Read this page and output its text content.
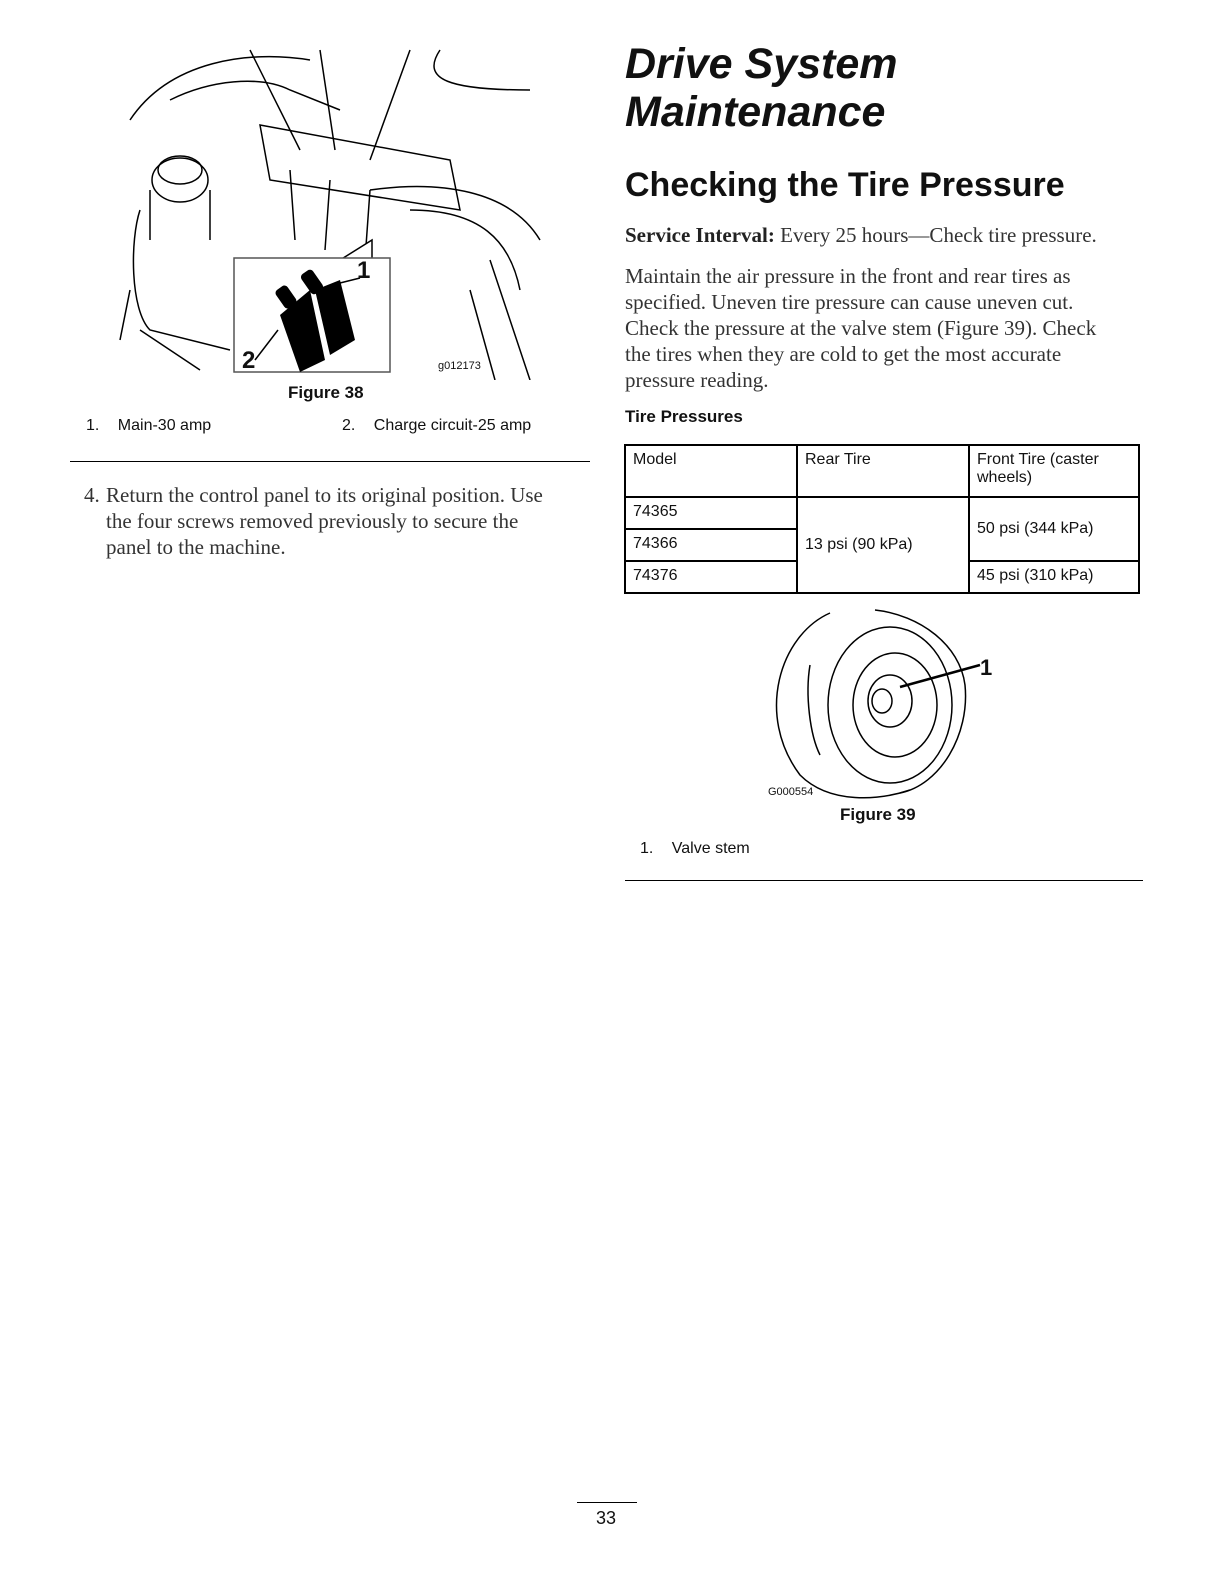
1
2	g012173
Figure 38
1. Main-30 amp	2. Charge circuit-25 amp
4. Return the control panel to its original position. Use
the four screws removed previously to secure the
panel to the machine.
Drive System
Maintenance
Checking the Tire Pressure
Service Interval: Every 25 hours—Check tire pressure.
Maintain the air pressure in the front and rear tires as
specified. Uneven tire pressure can cause uneven cut.
Check the pressure at the valve stem (Figure 39). Check
the tires when they are cold to get the most accurate
pressure reading.
Tire Pressures
Model	Rear Tire	Front Tire (caster wheels)
74365	13 psi (90 kPa)	50 psi (344 kPa)
74366		
74376		45 psi (310 kPa)
1
G000554
Figure 39
1. Valve stem
33
